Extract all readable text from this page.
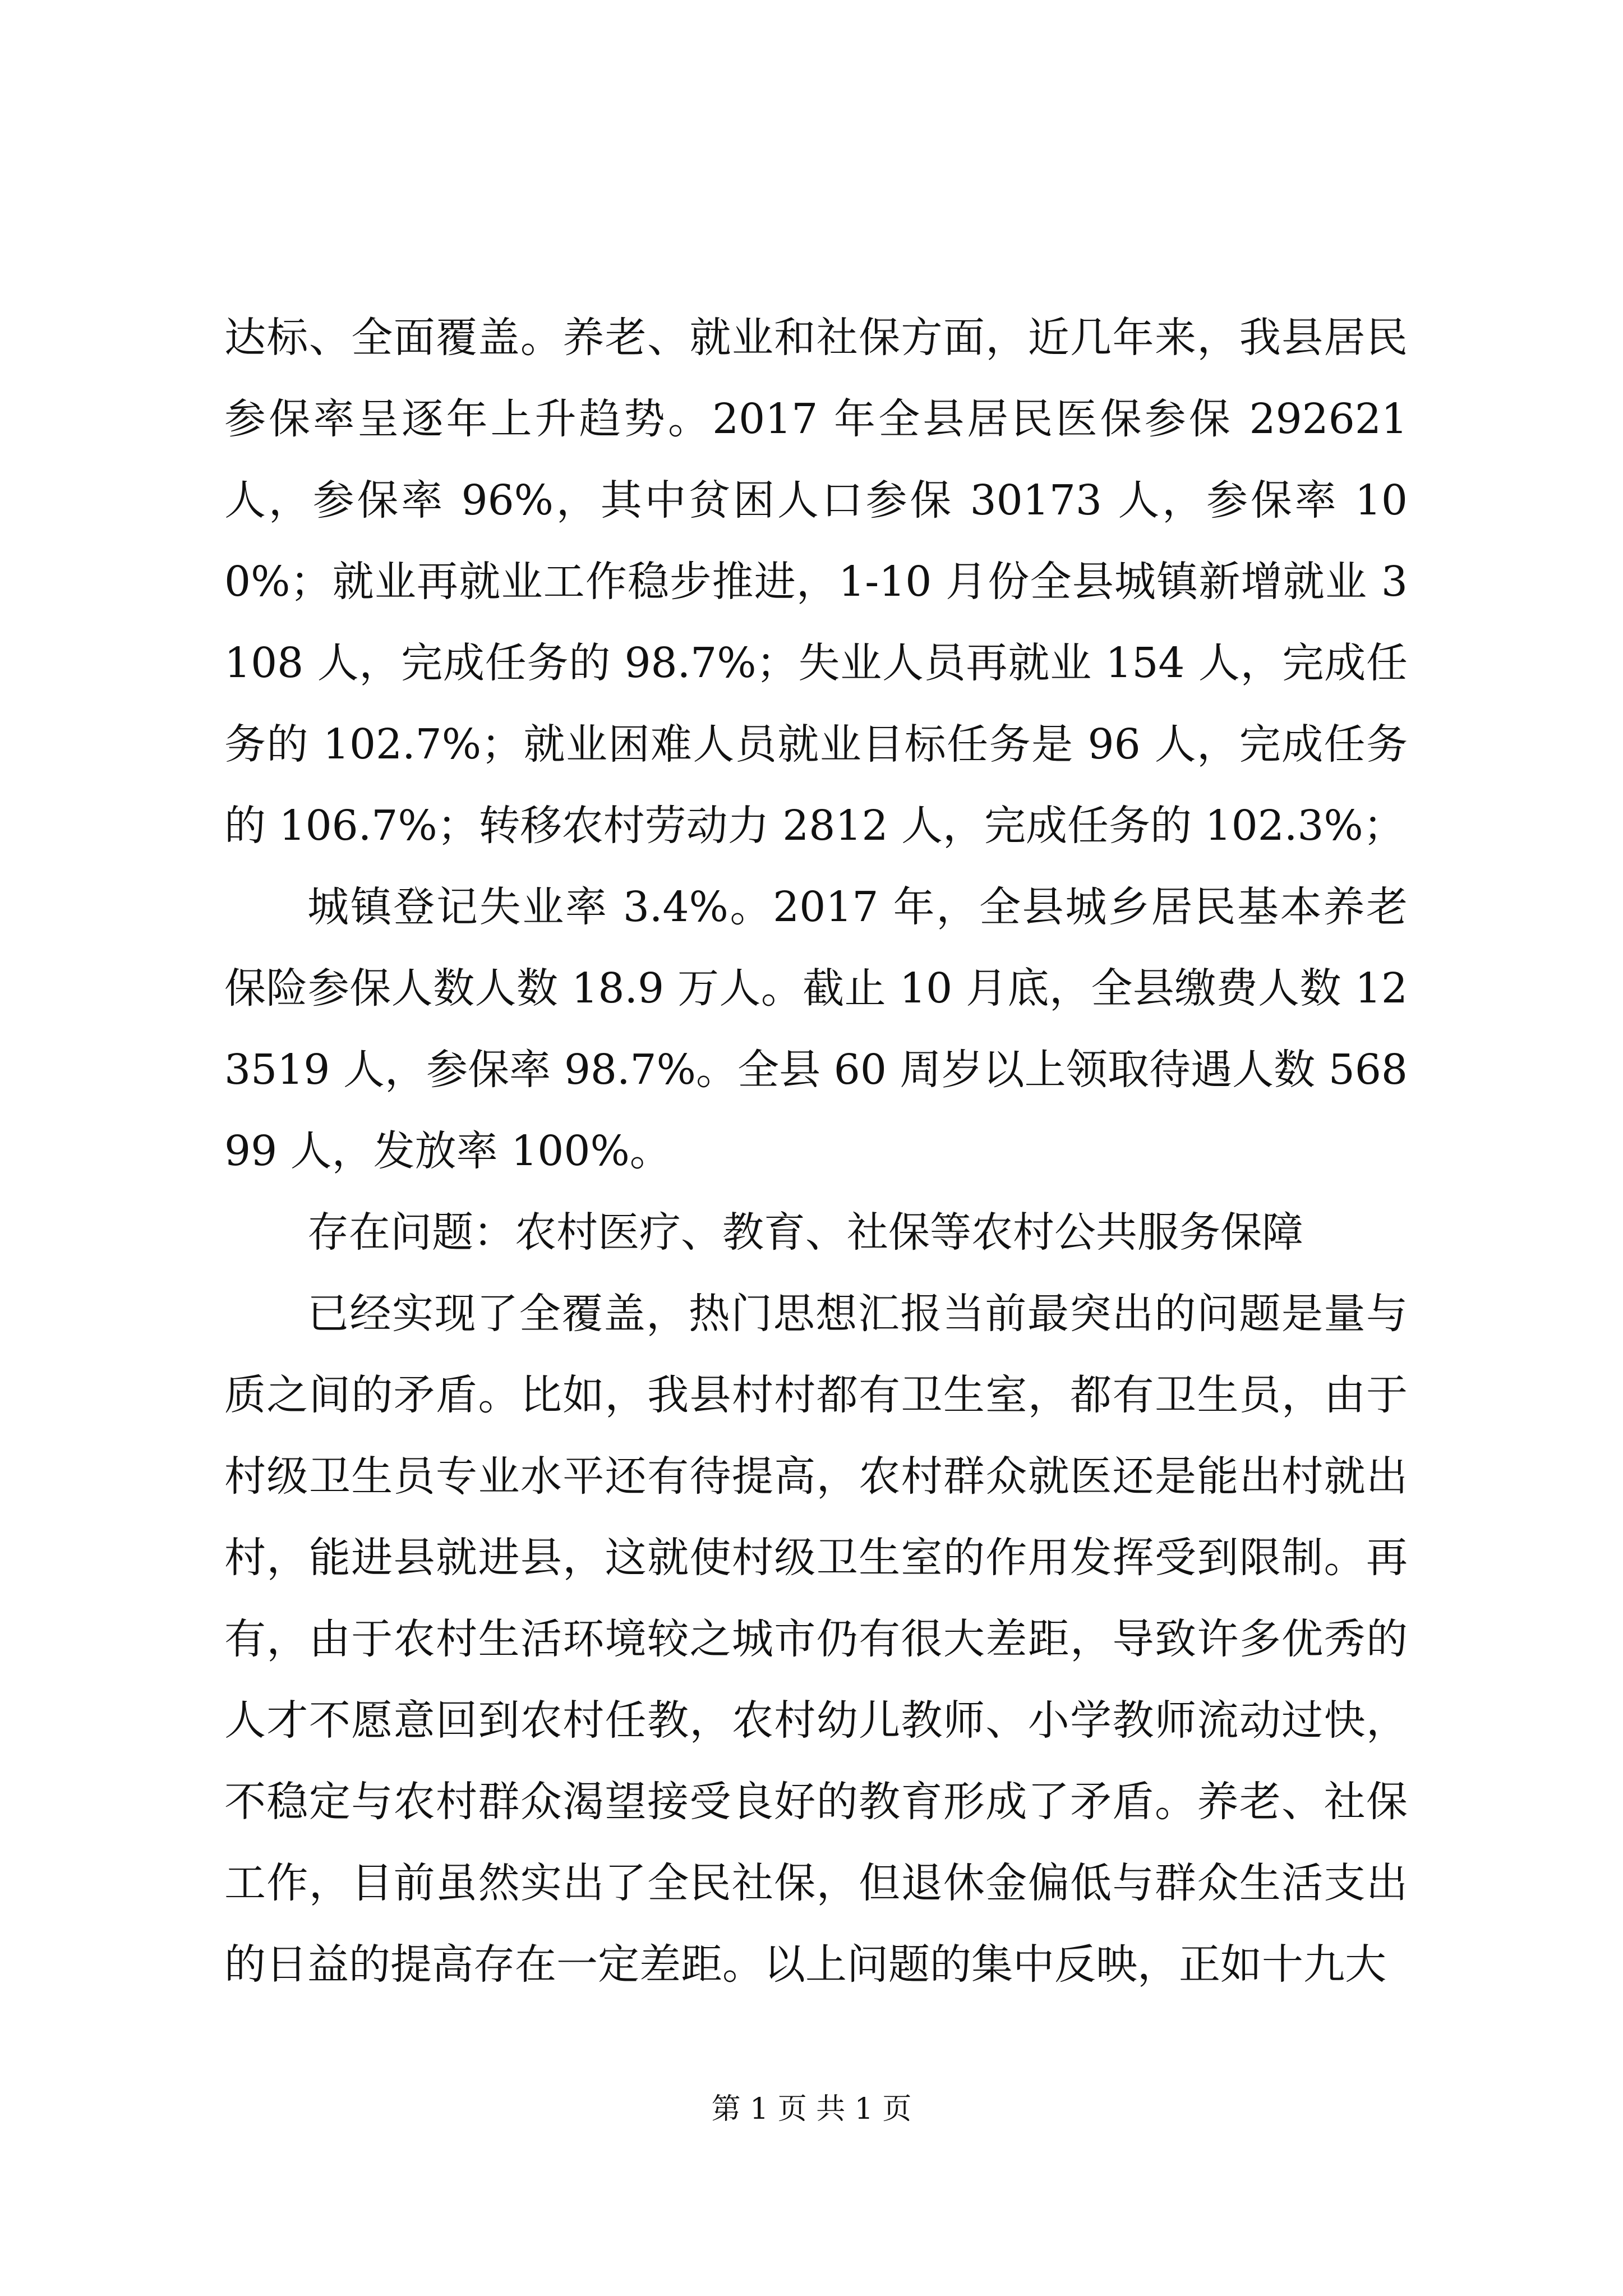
达标、全面覆盖。养老、就业和社保方面，近几年来，我县居民参保率呈逐年上升趋势。2017 年全县居民医保参保 292621 人，参保率 96%，其中贫困人口参保 30173 人，参保率 100%；就业再就业工作稳步推进，1-10 月份全县城镇新增就业 3108 人，完成任务的 98.7%；失业人员再就业 154 人，完成任务的 102.7%；就业困难人员就业目标任务是 96 人，完成任务的 106.7%；转移农村劳动力 2812 人，完成任务的 102.3%；

城镇登记失业率 3.4%。2017 年，全县城乡居民基本养老保险参保人数人数 18.9 万人。截止 10 月底，全县缴费人数 123519 人，参保率 98.7%。全县 60 周岁以上领取待遇人数 56899 人，发放率 100%。

存在问题：农村医疗、教育、社保等农村公共服务保障

已经实现了全覆盖，热门思想汇报当前最突出的问题是量与质之间的矛盾。比如，我县村村都有卫生室，都有卫生员，由于村级卫生员专业水平还有待提高，农村群众就医还是能出村就出村，能进县就进县，这就使村级卫生室的作用发挥受到限制。再有，由于农村生活环境较之城市仍有很大差距，导致许多优秀的人才不愿意回到农村任教，农村幼儿教师、小学教师流动过快，不稳定与农村群众渴望接受良好的教育形成了矛盾。养老、社保工作，目前虽然实出了全民社保，但退休金偏低与群众生活支出的日益的提高存在一定差距。以上问题的集中反映，正如十九大

第 1 页 共 1 页
